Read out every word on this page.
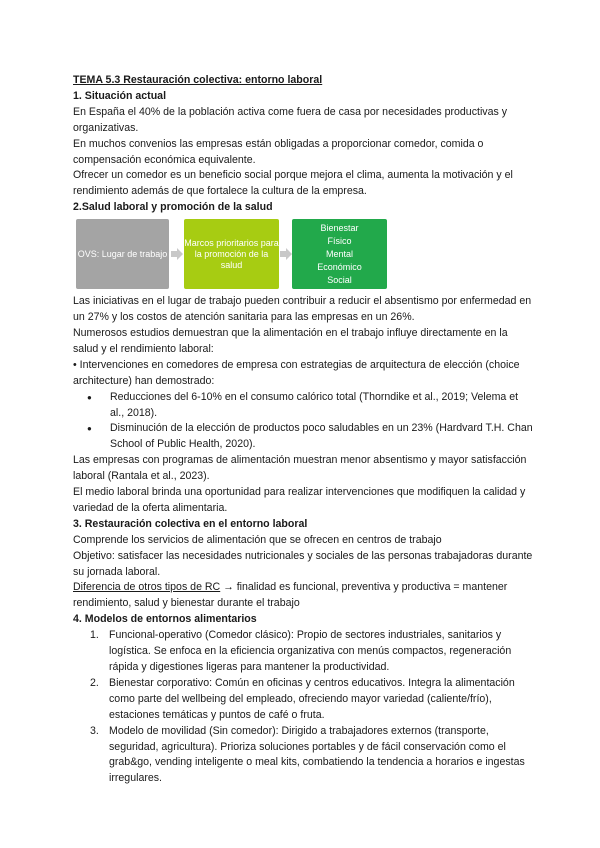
TEMA 5.3 Restauración colectiva: entorno laboral

1. Situación actual

En España el 40% de la población activa come fuera de casa por necesidades productivas y organizativas.

En muchos convenios las empresas están obligadas a proporcionar comedor, comida o compensación económica equivalente.

Ofrecer un comedor es un beneficio social porque mejora el clima, aumenta la motivación y el rendimiento además de que fortalece la cultura de la empresa.

2.Salud laboral y promoción de la salud

OVS: Lugar de trabajo
Marcos prioritarios para la promoción de la salud
Bienestar
Físico
Mental
Económico
Social

Las iniciativas en el lugar de trabajo pueden contribuir a reducir el absentismo por enfermedad en un 27% y los costos de atención sanitaria para las empresas en un 26%.

Numerosos estudios demuestran que la alimentación en el trabajo influye directamente en la salud y el rendimiento laboral:

• Intervenciones en comedores de empresa con estrategias de arquitectura de elección (choice architecture) han demostrado:

● Reducciones del 6-10% en el consumo calórico total (Thorndike et al., 2019; Velema et al., 2018).
● Disminución de la elección de productos poco saludables en un 23% (Hardvard T.H. Chan School of Public Health, 2020).

Las empresas con programas de alimentación muestran menor absentismo y mayor satisfacción laboral (Rantala et al., 2023).

El medio laboral brinda una oportunidad para realizar intervenciones que modifiquen la calidad y variedad de la oferta alimentaria.

3. Restauración colectiva en el entorno laboral

Comprende los servicios de alimentación que se ofrecen en centros de trabajo

Objetivo: satisfacer las necesidades nutricionales y sociales de las personas trabajadoras durante su jornada laboral.

Diferencia de otros tipos de RC → finalidad es funcional, preventiva y productiva = mantener rendimiento, salud y bienestar durante el trabajo

4. Modelos de entornos alimentarios

1. Funcional-operativo (Comedor clásico): Propio de sectores industriales, sanitarios y logística. Se enfoca en la eficiencia organizativa con menús compactos, regeneración rápida y digestiones ligeras para mantener la productividad.
2. Bienestar corporativo: Común en oficinas y centros educativos. Integra la alimentación como parte del wellbeing del empleado, ofreciendo mayor variedad (caliente/frío), estaciones temáticas y puntos de café o fruta.
3. Modelo de movilidad (Sin comedor): Dirigido a trabajadores externos (transporte, seguridad, agricultura). Prioriza soluciones portables y de fácil conservación como el grab&go, vending inteligente o meal kits, combatiendo la tendencia a horarios e ingestas irregulares.
